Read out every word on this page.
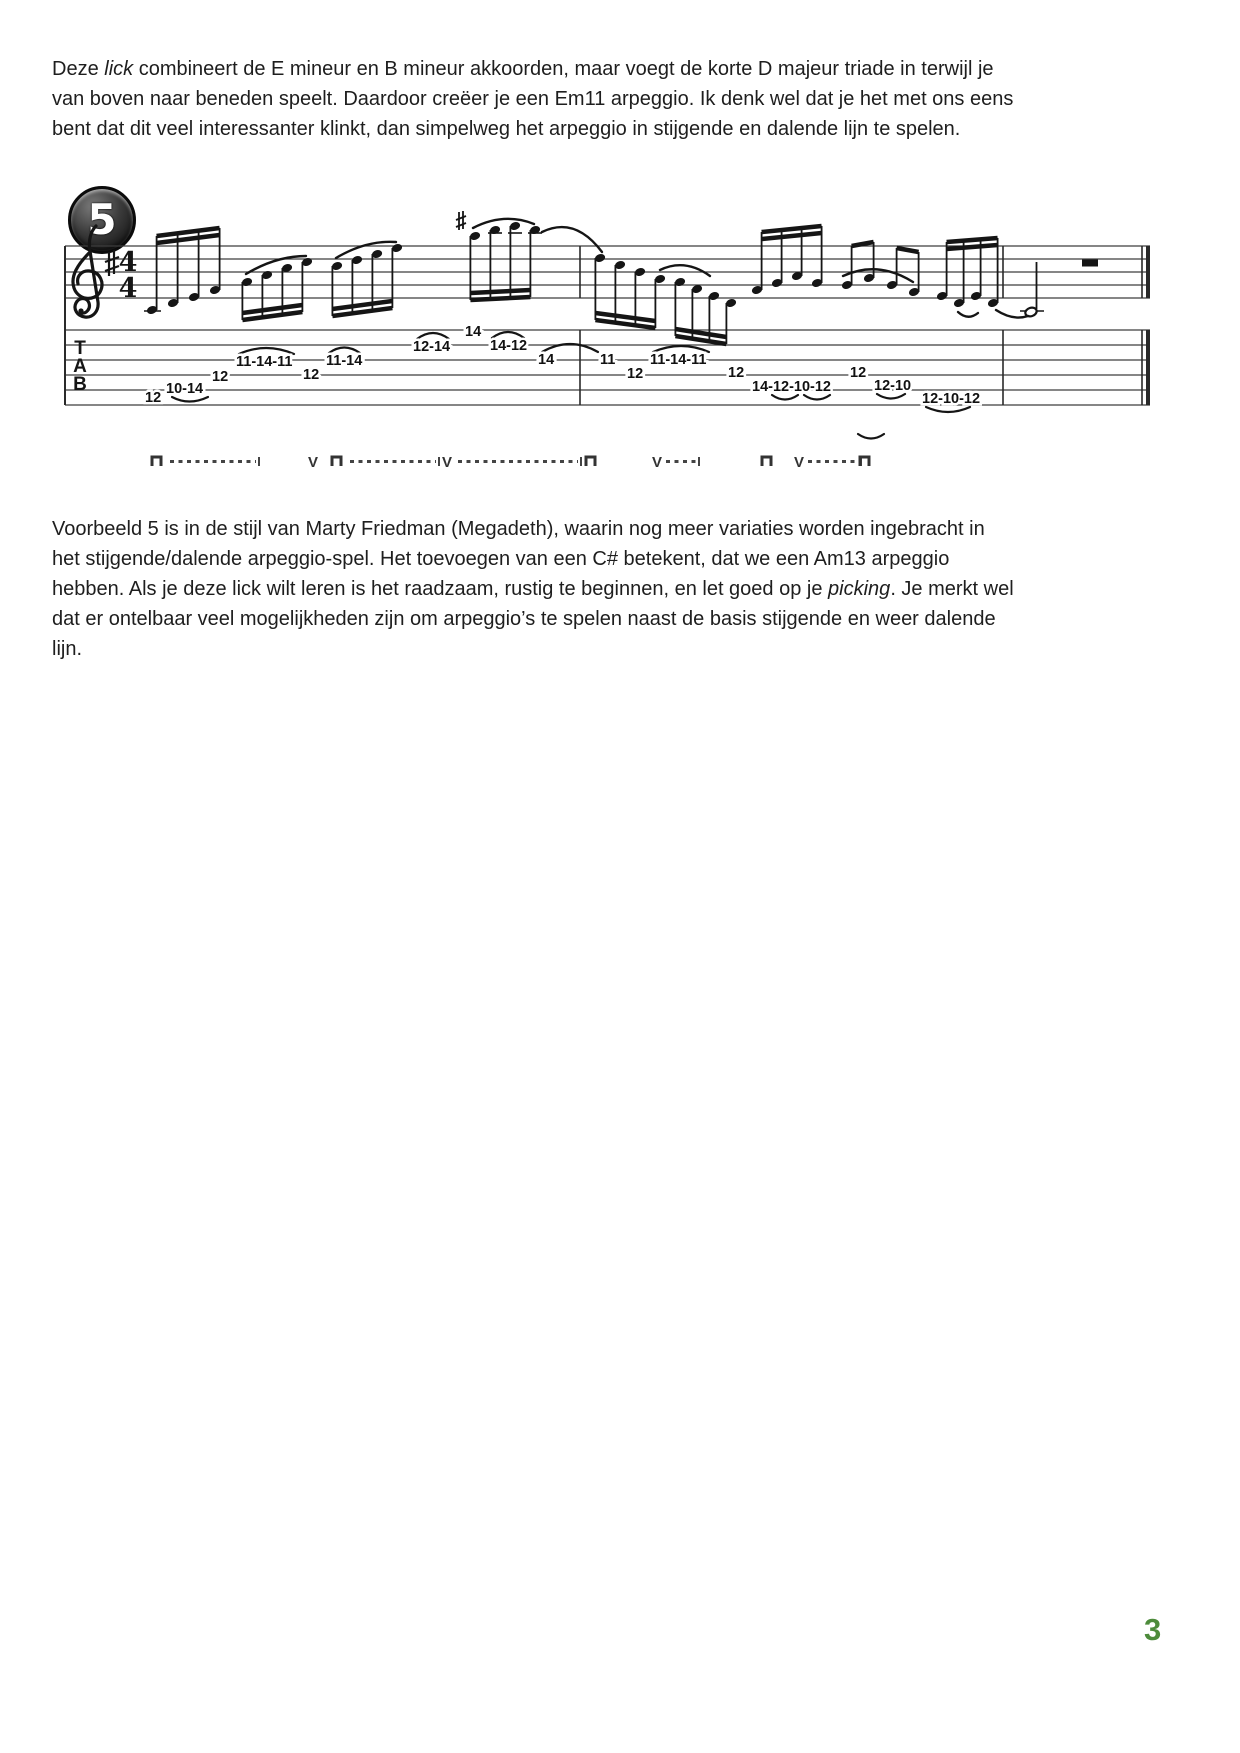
Deze lick combineert de E mineur en B mineur akkoorden, maar voegt de korte D majeur triade in terwijl je
van boven naar beneden speelt. Daardoor creëer je een Em11 arpeggio. Ik denk wel dat je het met ons eens
bent dat dit veel interessanter klinkt, dan simpelweg het arpeggio in stijgende en dalende lijn te spelen.
5
4
4
T
A
B
12
10-14
12
11-14-11
12
11-14
12-14
14
14-12
14	11
12
11-14-11
12
14-12-10-12
12
12-10
12-10-12
V	V	V	V
Voorbeeld 5 is in de stijl van Marty Friedman (Megadeth), waarin nog meer variaties worden ingebracht in
het stijgende/dalende arpeggio-spel. Het toevoegen van een C# betekent, dat we een Am13 arpeggio
hebben. Als je deze lick wilt leren is het raadzaam, rustig te beginnen, en let goed op je picking. Je merkt wel
dat er ontelbaar veel mogelijkheden zijn om arpeggio’s te spelen naast de basis stijgende en weer dalende
lijn.
3
